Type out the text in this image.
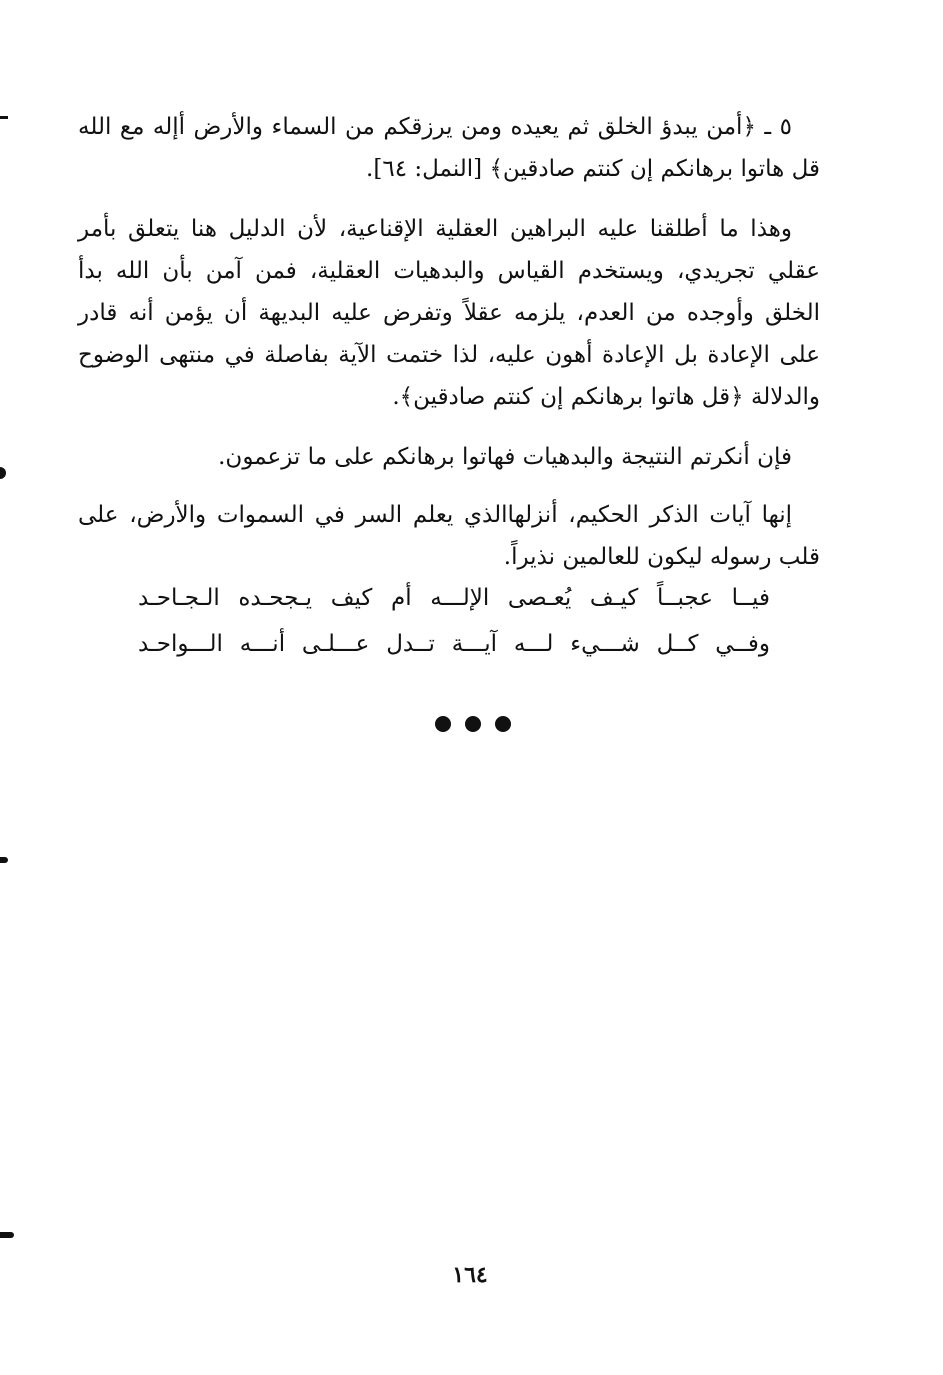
٥ ـ ﴿أمن يبدؤ الخلق ثم يعيده ومن يرزقكم من السماء والأرض أإله مع الله قل هاتوا برهانكم إن كنتم صادقين﴾ [النمل: ٦٤].

وهذا ما أطلقنا عليه البراهين العقلية الإقناعية، لأن الدليل هنا يتعلق بأمر عقلي تجريدي، ويستخدم القياس والبدهيات العقلية، فمن آمن بأن الله بدأ الخلق وأوجده من العدم، يلزمه عقلاً وتفرض عليه البديهة أن يؤمن أنه قادر على الإعادة بل الإعادة أهون عليه، لذا ختمت الآية بفاصلة في منتهى الوضوح والدلالة ﴿قل هاتوا برهانكم إن كنتم صادقين﴾.

فإن أنكرتم النتيجة والبدهيات فهاتوا برهانكم على ما تزعمون.

إنها آيات الذكر الحكيم، أنزلهاالذي يعلم السر في السموات والأرض، على قلب رسوله ليكون للعالمين نذيراً.

فيــا عجبــاً كيـف يُعـصى الإلـــه أم كيف يـجحـده الـجـاحـد
وفــي كــل شـــيء لـــه آيـــة تــدل عـــلـى أنـــه الـــواحـد
١٦٤
